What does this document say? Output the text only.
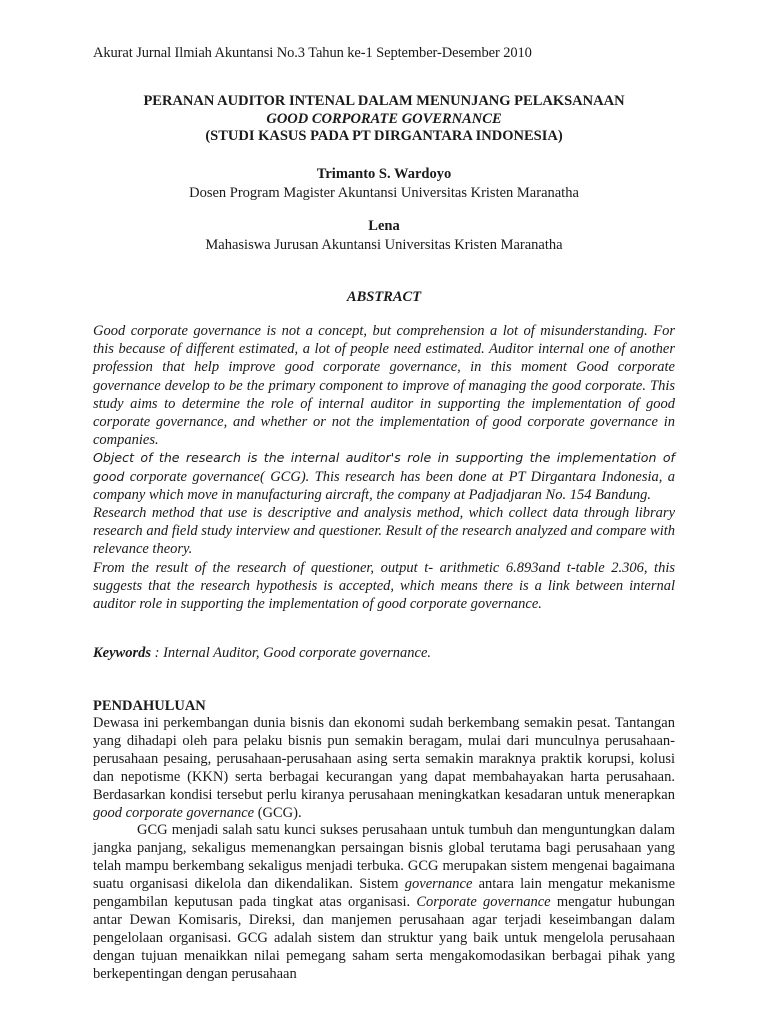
Akurat Jurnal Ilmiah Akuntansi No.3 Tahun ke-1 September-Desember 2010
PERANAN AUDITOR INTENAL DALAM MENUNJANG PELAKSANAAN
GOOD CORPORATE GOVERNANCE
(STUDI KASUS PADA PT DIRGANTARA INDONESIA)
Trimanto S. Wardoyo
Dosen Program Magister Akuntansi Universitas Kristen Maranatha
Lena
Mahasiswa Jurusan Akuntansi Universitas Kristen Maranatha
ABSTRACT

Good corporate governance is not a concept, but comprehension a lot of misunderstanding. For this because of different estimated, a lot of people need estimated. Auditor internal one of another profession that help improve good corporate governance, in this moment Good corporate governance develop to be the primary component to improve of managing the good corporate. This study aims to determine the role of internal auditor in supporting the implementation of good corporate governance, and whether or not the implementation of good corporate governance in companies.

Object of the research is the internal auditor's role in supporting the implementation of good corporate governance( GCG). This research has been done at PT Dirgantara Indonesia, a company which move in manufacturing aircraft, the company at Padjadjaran No. 154 Bandung.

Research method that use is descriptive and analysis method, which collect data through library research and field study interview and questioner. Result of the research analyzed and compare with relevance theory.

From the result of the research of questioner, output t- arithmetic 6.893and t-table 2.306, this suggests that the research hypothesis is accepted, which means there is a link between internal auditor role in supporting the implementation of good corporate governance.

Keywords : Internal Auditor, Good corporate governance.
PENDAHULUAN

Dewasa ini perkembangan dunia bisnis dan ekonomi sudah berkembang semakin pesat. Tantangan yang dihadapi oleh para pelaku bisnis pun semakin beragam, mulai dari munculnya perusahaan-perusahaan pesaing, perusahaan-perusahaan asing serta semakin maraknya praktik korupsi, kolusi dan nepotisme (KKN) serta berbagai kecurangan yang dapat membahayakan harta perusahaan. Berdasarkan kondisi tersebut perlu kiranya perusahaan meningkatkan kesadaran untuk menerapkan good corporate governance (GCG).

GCG menjadi salah satu kunci sukses perusahaan untuk tumbuh dan menguntungkan dalam jangka panjang, sekaligus memenangkan persaingan bisnis global terutama bagi perusahaan yang telah mampu berkembang sekaligus menjadi terbuka. GCG merupakan sistem mengenai bagaimana suatu organisasi dikelola dan dikendalikan. Sistem governance antara lain mengatur mekanisme pengambilan keputusan pada tingkat atas organisasi. Corporate governance mengatur hubungan antar Dewan Komisaris, Direksi, dan manjemen perusahaan agar terjadi keseimbangan dalam pengelolaan organisasi. GCG adalah sistem dan struktur yang baik untuk mengelola perusahaan dengan tujuan menaikkan nilai pemegang saham serta mengakomodasikan berbagai pihak yang berkepentingan dengan perusahaan
